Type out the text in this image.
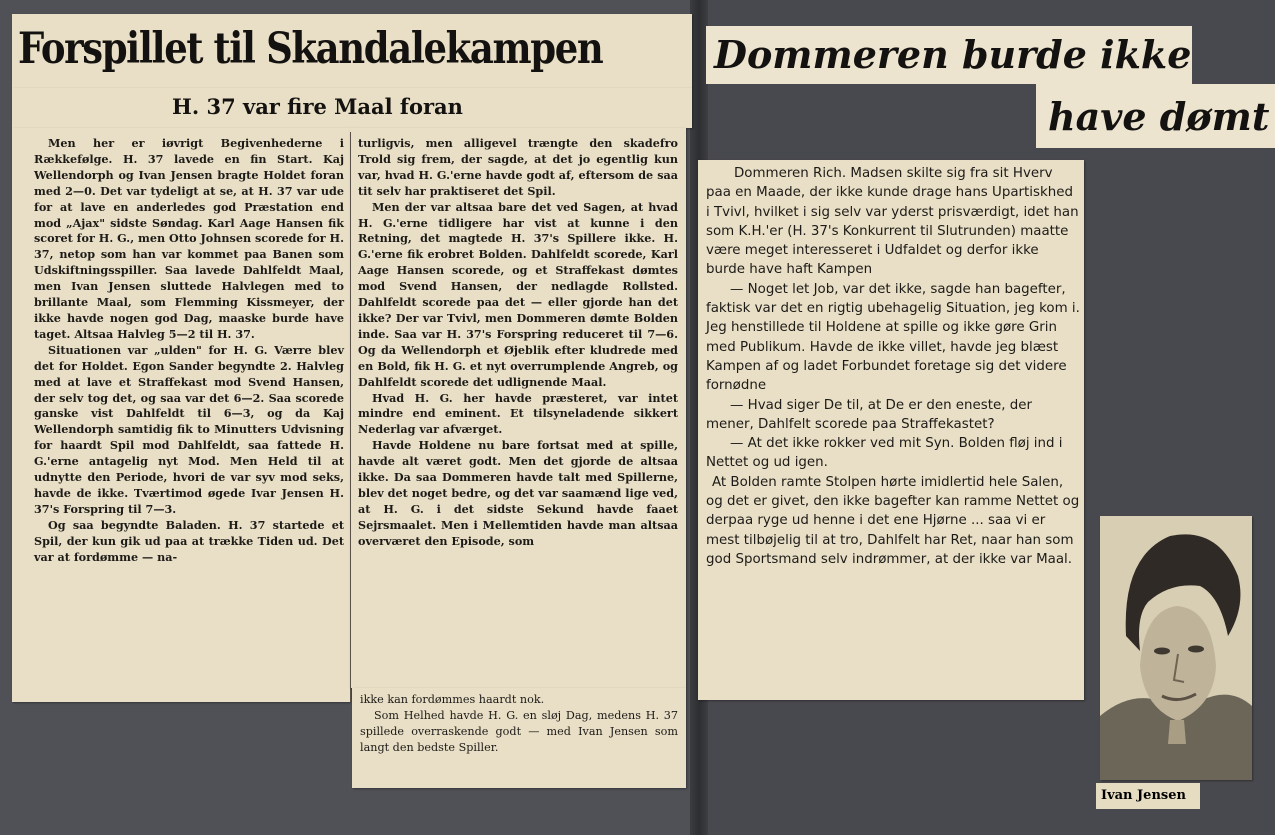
Forspillet til Skandalekampen
H. 37 var fire Maal foran

Men her er iøvrigt Begivenhederne i Rækkefølge. H. 37 lavede en fin Start. Kaj Wellendorph og Ivan Jensen bragte Holdet foran med 2—0. Det var tydeligt at se, at H. 37 var ude for at lave en anderledes god Præstation end mod „Ajax" sidste Søndag. Karl Aage Hansen fik scoret for H. G., men Otto Johnsen scorede for H. 37, netop som han var kommet paa Banen som Udskiftningsspiller. Saa lavede Dahlfeldt Maal, men Ivan Jensen sluttede Halvlegen med to brillante Maal, som Flemming Kissmeyer, der ikke havde nogen god Dag, maaske burde have taget. Altsaa Halvleg 5—2 til H. 37.

Situationen var „ulden" for H. G. Værre blev det for Holdet. Egon Sander begyndte 2. Halvleg med at lave et Straffekast mod Svend Hansen, der selv tog det, og saa var det 6—2. Saa scorede ganske vist Dahlfeldt til 6—3, og da Kaj Wellendorph samtidig fik to Minutters Udvisning for haardt Spil mod Dahlfeldt, saa fattede H. G.'erne antagelig nyt Mod. Men Held til at udnytte den Periode, hvori de var syv mod seks, havde de ikke. Tværtimod øgede Ivar Jensen H. 37's Forspring til 7—3.

Og saa begyndte Baladen. H. 37 startede et Spil, der kun gik ud paa at trække Tiden ud. Det var at fordømme — na-

turligvis, men alligevel trængte den skadefro Trold sig frem, der sagde, at det jo egentlig kun var, hvad H. G.'erne havde godt af, eftersom de saa tit selv har praktiseret det Spil.

Men der var altsaa bare det ved Sagen, at hvad H. G.'erne tidligere har vist at kunne i den Retning, det magtede H. 37's Spillere ikke. H. G.'erne fik erobret Bolden. Dahlfeldt scorede, Karl Aage Hansen scorede, og et Straffekast dømtes mod Svend Hansen, der nedlagde Rollsted. Dahlfeldt scorede paa det — eller gjorde han det ikke? Der var Tvivl, men Dommeren dømte Bolden inde. Saa var H. 37's Forspring reduceret til 7—6. Og da Wellendorph et Øjeblik efter kludrede med en Bold, fik H. G. et nyt overrumplende Angreb, og Dahlfeldt scorede det udlignende Maal.

Hvad H. G. her havde præsteret, var intet mindre end eminent. Et tilsyneladende sikkert Nederlag var afværget.

Havde Holdene nu bare fortsat med at spille, havde alt været godt. Men det gjorde de altsaa ikke. Da saa Dommeren havde talt med Spillerne, blev det noget bedre, og det var saamænd lige ved, at H. G. i det sidste Sekund havde faaet Sejrsmaalet. Men i Mellemtiden havde man altsaa overværet den Episode, som

ikke kan fordømmes haardt nok.

Som Helhed havde H. G. en sløj Dag, medens H. 37 spillede overraskende godt — med Ivan Jensen som langt den bedste Spiller.

Dommeren burde ikke
have dømt

Dommeren Rich. Madsen skilte sig fra sit Hverv paa en Maade, der ikke kunde drage hans Upartiskhed i Tvivl, hvilket i sig selv var yderst prisværdigt, idet han som K.H.'er (H. 37's Konkurrent til Slutrunden) maatte være meget interesseret i Udfaldet og derfor ikke burde have haft Kampen

— Noget let Job, var det ikke, sagde han bagefter, faktisk var det en rigtig ubehagelig Situation, jeg kom i. Jeg henstillede til Holdene at spille og ikke gøre Grin med Publikum. Havde de ikke villet, havde jeg blæst Kampen af og ladet Forbundet foretage sig det videre fornødne

— Hvad siger De til, at De er den eneste, der mener, Dahlfelt scorede paa Straffekastet?

— At det ikke rokker ved mit Syn. Bolden fløj ind i Nettet og ud igen.

At Bolden ramte Stolpen hørte imidlertid hele Salen, og det er givet, den ikke bagefter kan ramme Nettet og derpaa ryge ud henne i det ene Hjørne ... saa vi er mest tilbøjelig til at tro, Dahlfelt har Ret, naar han som god Sportsmand selv indrømmer, at der ikke var Maal.

Ivan Jensen
